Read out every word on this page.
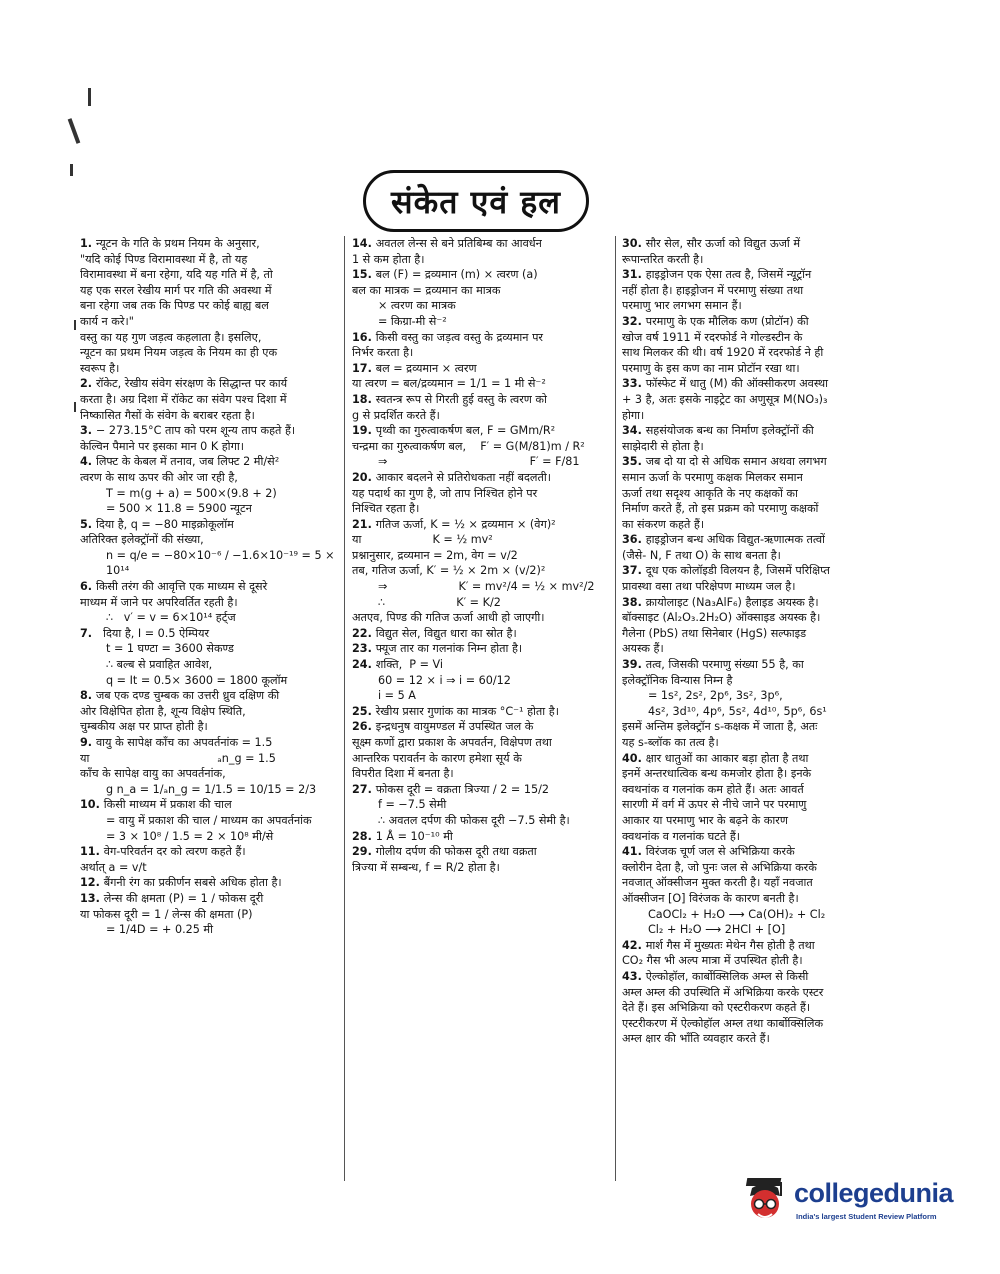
संकेत एवं हल
1. न्यूटन के गति के प्रथम नियम के अनुसार,
"यदि कोई पिण्ड विरामावस्था में है, तो यह
विरामावस्था में बना रहेगा, यदि यह गति में है, तो
यह एक सरल रेखीय मार्ग पर गति की अवस्था में
बना रहेगा जब तक कि पिण्ड पर कोई बाह्य बल
कार्य न करे।"
वस्तु का यह गुण जड़त्व कहलाता है। इसलिए,
न्यूटन का प्रथम नियम जड़त्व के नियम का ही एक
स्वरूप है।
2. रॉकेट, रेखीय संवेग संरक्षण के सिद्धान्त पर कार्य
करता है। अग्र दिशा में रॉकेट का संवेग पश्च दिशा में
निष्कासित गैसों के संवेग के बराबर रहता है।
3. − 273.15°C ताप को परम शून्य ताप कहते हैं।
केल्विन पैमाने पर इसका मान 0 K होगा।
4. लिफ्ट के केबल में तनाव, जब लिफ्ट 2 मी/से²
त्वरण के साथ ऊपर की ओर जा रही है,
T = m(g + a) = 500×(9.8 + 2)
= 500 × 11.8 = 5900 न्यूटन
5. दिया है, q = −80 माइक्रोकूलॉम
अतिरिक्त इलेक्ट्रॉनों की संख्या,
n = q/e = −80×10⁻⁶ / −1.6×10⁻¹⁹ = 5 × 10¹⁴
6. किसी तरंग की आवृत्ति एक माध्यम से दूसरे
माध्यम में जाने पर अपरिवर्तित रहती है।
∴   v′ = v = 6×10¹⁴ हर्ट्ज
7.   दिया है, I = 0.5 ऐम्पियर
t = 1 घण्टा = 3600 सेकण्ड
∴ बल्ब से प्रवाहित आवेश,
q = It = 0.5× 3600 = 1800 कूलॉम
8. जब एक दण्ड चुम्बक का उत्तरी ध्रुव दक्षिण की
ओर विक्षेपित होता है, शून्य विक्षेप स्थिति,
चुम्बकीय अक्ष पर प्राप्त होती है।
9. वायु के सापेक्ष काँच का अपवर्तनांक = 1.5
या                                    ₐn_g = 1.5
काँच के सापेक्ष वायु का अपवर्तनांक,
g n_a = 1/ₐn_g = 1/1.5 = 10/15 = 2/3
10. किसी माध्यम में प्रकाश की चाल
= वायु में प्रकाश की चाल / माध्यम का अपवर्तनांक
= 3 × 10⁸ / 1.5 = 2 × 10⁸ मी/से
11. वेग-परिवर्तन दर को त्वरण कहते हैं।
अर्थात् a = v/t
12. बैंगनी रंग का प्रकीर्णन सबसे अधिक होता है।
13. लेन्स की क्षमता (P) = 1 / फोकस दूरी
या फोकस दूरी = 1 / लेन्स की क्षमता (P)
= 1/4D = + 0.25 मी
14. अवतल लेन्स से बने प्रतिबिम्ब का आवर्धन
1 से कम होता है।
15. बल (F) = द्रव्यमान (m) × त्वरण (a)
बल का मात्रक = द्रव्यमान का मात्रक
× त्वरण का मात्रक
= किग्रा-मी से⁻²
16. किसी वस्तु का जड़त्व वस्तु के द्रव्यमान पर
निर्भर करता है।
17. बल = द्रव्यमान × त्वरण
या त्वरण = बल/द्रव्यमान = 1/1 = 1 मी से⁻²
18. स्वतन्त्र रूप से गिरती हुई वस्तु के त्वरण को
g से प्रदर्शित करते हैं।
19. पृथ्वी का गुरुत्वाकर्षण बल, F = GMm/R²
चन्द्रमा का गुरुत्वाकर्षण बल,    F′ = G(M/81)m / R²
⇒                                        F′ = F/81
20. आकार बदलने से प्रतिरोधकता नहीं बदलती।
यह पदार्थ का गुण है, जो ताप निश्चित होने पर
निश्चित रहता है।
21. गतिज ऊर्जा, K = ½ × द्रव्यमान × (वेग)²
या                    K = ½ mv²
प्रश्नानुसार, द्रव्यमान = 2m, वेग = v/2
तब, गतिज ऊर्जा, K′ = ½ × 2m × (v/2)²
⇒                    K′ = mv²/4 = ½ × mv²/2
∴                    K′ = K/2
अतएव, पिण्ड की गतिज ऊर्जा आधी हो जाएगी।
22. विद्युत सेल, विद्युत धारा का स्रोत है।
23. फ्यूज तार का गलनांक निम्न होता है।
24. शक्ति,  P = Vi
60 = 12 × i ⇒ i = 60/12
i = 5 A
25. रेखीय प्रसार गुणांक का मात्रक °C⁻¹ होता है।
26. इन्द्रधनुष वायुमण्डल में उपस्थित जल के
सूक्ष्म कणों द्वारा प्रकाश के अपवर्तन, विक्षेपण तथा
आन्तरिक परावर्तन के कारण हमेशा सूर्य के
विपरीत दिशा में बनता है।
27. फोकस दूरी = वक्रता त्रिज्या / 2 = 15/2
f = −7.5 सेमी
∴ अवतल दर्पण की फोकस दूरी −7.5 सेमी है।
28. 1 Å = 10⁻¹⁰ मी
29. गोलीय दर्पण की फोकस दूरी तथा वक्रता
त्रिज्या में सम्बन्ध, f = R/2 होता है।
30. सौर सेल, सौर ऊर्जा को विद्युत ऊर्जा में
रूपान्तरित करती है।
31. हाइड्रोजन एक ऐसा तत्व है, जिसमें न्यूट्रॉन
नहीं होता है। हाइड्रोजन में परमाणु संख्या तथा
परमाणु भार लगभग समान हैं।
32. परमाणु के एक मौलिक कण (प्रोटॉन) की
खोज वर्ष 1911 में रदरफोर्ड ने गोल्डस्टीन के
साथ मिलकर की थी। वर्ष 1920 में रदरफोर्ड ने ही
परमाणु के इस कण का नाम प्रोटॉन रखा था।
33. फॉस्फेट में धातु (M) की ऑक्सीकरण अवस्था
+ 3 है, अतः इसके नाइट्रेट का अणुसूत्र M(NO₃)₃
होगा।
34. सहसंयोजक बन्ध का निर्माण इलेक्ट्रॉनों की
साझेदारी से होता है।
35. जब दो या दो से अधिक समान अथवा लगभग
समान ऊर्जा के परमाणु कक्षक मिलकर समान
ऊर्जा तथा सदृश्य आकृति के नए कक्षकों का
निर्माण करते हैं, तो इस प्रक्रम को परमाणु कक्षकों
का संकरण कहते हैं।
36. हाइड्रोजन बन्ध अधिक विद्युत-ऋणात्मक तत्वों
(जैसे- N, F तथा O) के साथ बनता है।
37. दूध एक कोलॉइडी विलयन है, जिसमें परिक्षिप्त
प्रावस्था वसा तथा परिक्षेपण माध्यम जल है।
38. क्रायोलाइट (Na₃AlF₆) हैलाइड अयस्क है।
बॉक्साइट (Al₂O₃.2H₂O) ऑक्साइड अयस्क है।
गैलेना (PbS) तथा सिनेबार (HgS) सल्फाइड
अयस्क हैं।
39. तत्व, जिसकी परमाणु संख्या 55 है, का
इलेक्ट्रॉनिक विन्यास निम्न है
= 1s², 2s², 2p⁶, 3s², 3p⁶,
4s², 3d¹⁰, 4p⁶, 5s², 4d¹⁰, 5p⁶, 6s¹
इसमें अन्तिम इलेक्ट्रॉन s-कक्षक में जाता है, अतः
यह s-ब्लॉक का तत्व है।
40. क्षार धातुओं का आकार बड़ा होता है तथा
इनमें अन्तरधात्विक बन्ध कमजोर होता है। इनके
क्वथनांक व गलनांक कम होते हैं। अतः आवर्त
सारणी में वर्ग में ऊपर से नीचे जाने पर परमाणु
आकार या परमाणु भार के बढ़ने के कारण
क्वथनांक व गलनांक घटते हैं।
41. विरंजक चूर्ण जल से अभिक्रिया करके
क्लोरीन देता है, जो पुनः जल से अभिक्रिया करके
नवजात् ऑक्सीजन मुक्त करती है। यहाँ नवजात
ऑक्सीजन [O] विरंजक के कारण बनती है।
CaOCl₂ + H₂O ⟶ Ca(OH)₂ + Cl₂
Cl₂ + H₂O ⟶ 2HCl + [O]
42. मार्श गैस में मुख्यतः मेथेन गैस होती है तथा
CO₂ गैस भी अल्प मात्रा में उपस्थित होती है।
43. ऐल्कोहॉल, कार्बोक्सिलिक अम्ल से किसी
अम्ल अम्ल की उपस्थिति में अभिक्रिया करके एस्टर
देते हैं। इस अभिक्रिया को एस्टरीकरण कहते हैं।
एस्टरीकरण में ऐल्कोहॉल अम्ल तथा कार्बोक्सिलिक
अम्ल क्षार की भाँति व्यवहार करते हैं।
collegedunia
India's largest Student Review Platform
